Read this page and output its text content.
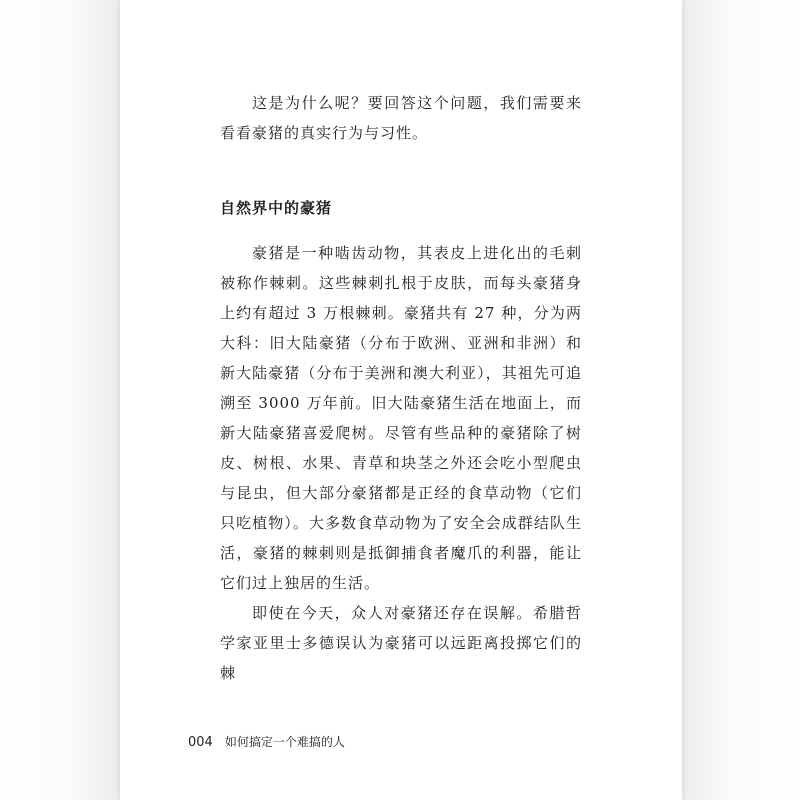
这是为什么呢？要回答这个问题，我们需要来看看豪猪的真实行为与习性。

自然界中的豪猪

豪猪是一种啮齿动物，其表皮上进化出的毛刺被称作棘刺。这些棘刺扎根于皮肤，而每头豪猪身上约有超过 3 万根棘刺。豪猪共有 27 种，分为两大科：旧大陆豪猪（分布于欧洲、亚洲和非洲）和新大陆豪猪（分布于美洲和澳大利亚），其祖先可追溯至 3000 万年前。旧大陆豪猪生活在地面上，而新大陆豪猪喜爱爬树。尽管有些品种的豪猪除了树皮、树根、水果、青草和块茎之外还会吃小型爬虫与昆虫，但大部分豪猪都是正经的食草动物（它们只吃植物）。大多数食草动物为了安全会成群结队生活，豪猪的棘刺则是抵御捕食者魔爪的利器，能让它们过上独居的生活。

即使在今天，众人对豪猪还存在误解。希腊哲学家亚里士多德误认为豪猪可以远距离投掷它们的棘

004 如何搞定一个难搞的人
